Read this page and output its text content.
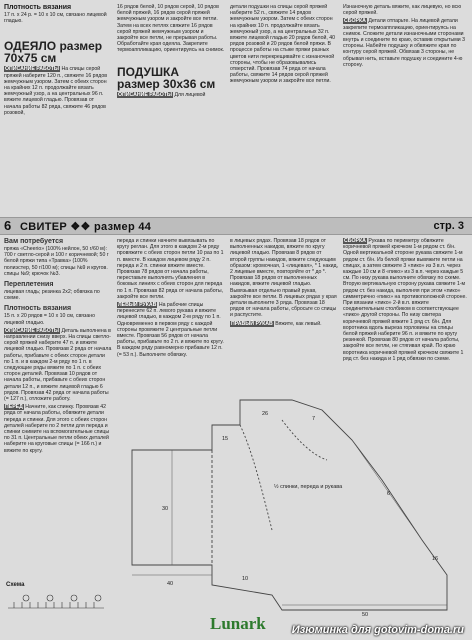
Плотность вязания
17 п. х 24 р. = 10 х 10 см, связано лицевой гладью.
ОДЕЯЛО размер 70х75 см
ОПИСАНИЕ РАБОТЫ На спицы серой пряжей наберите 120 п., свяжите 16 рядов жемчужным узором. Затем с обеих сторон на крайних 12 п. продолжайте вязать жемчужный узор, а на центральных 96 п. вяжите лицевой гладью. Провязав от начала работы 82 ряда, свяжите 46 рядов розовой,
16 рядов белой, 10 рядов серой, 10 рядов белой пряжей, 16 рядов серой пряжей жемчужным узором и закройте все петли. Затем на всех петлях свяжите 16 рядов серой пряжей жемчужным узором и закройте все петли, не прерывая работы. Обработайте края одеяла. Закрепите термоаппликацию, ориентируясь на снимок.
ПОДУШКА размер 30х36 см
ОПИСАНИЕ РАБОТЫ Для лицевой
детали подушки на спицы серой пряжей наберите 52 п., свяжите 14 рядов жемчужным узором. Затем с обеих сторон на крайних 10 п. продолжайте вязать жемчужный узор, а на центральных 32 п. вяжите лицевой гладью 20 рядов белой, 40 рядов розовой и 20 рядов белой пряжи. В процессе работы на стыке пряжи разных цветов нити перекрещивайте с изнаночной стороны, чтобы не образовывались отверстий. Провязав 74 ряда от начала работы, свяжите 14 рядов серой пряжей жемчужным узором и закройте все петли.
Изнаночную деталь вяжите, как лицевую, но всю серой пряжей.
СБОРКА Детали отпарьте. На лицевой детали закрепите термоаппликацию, ориентируясь на снимок. Сложите детали изнаночными сторонами внутрь и соедините по краю, оставив открытыми 3 стороны. Набейте подушку и обвяжите края по контуру серой пряжей. Обвязав 3 стороны, не обрывая нить, вставьте подушку и соедините 4-ю сторону.
6 СВИТЕР ❖❖ размер 44	стр. 3
Вам потребуется
пряжа «Cheerio» (100% нейлон, 50 г/60 м): 700 г светло-серой и 100 г коричневой; 50 г белой пряжи типа «Травка» (100% полиэстер, 50 г/100 м); спицы №9 и кругов. спицы №9; крючок №3.
Переплетения
лицевая гладь; резинка 2х2; обвязка по схеме.
Плотность вязания
15 п. х 20 рядов = 10 х 10 см, связано лицевой гладью.
ОПИСАНИЕ РАБОТЫ Деталь выполнена в направлении снизу вверх. На спицы светло-серой пряжей наберите 47 п. и вяжите лицевой гладью. Провязав 2 ряда от начала работы, прибавьте с обеих сторон детали по 1 п. и в каждом 2-м ряду по 1 п. в следующие ряды вяжите по 1 п. с обеих сторон деталей. Провязав 10 рядов от начала работы, прибавьте с обеих сторон детали 12 п., и вяжите лицевой гладью 6 рядов. Провязав 42 ряда от начала работы (= 127 п.), отложите работу.
ПЕРЕД Начните, как спинку. Провязав 42 ряда от начала работы, обвяжите детали переда и спинки. Для этого с обеих сторон деталей наберите по 2 петли для переда и спинки снимите на вспомогательные спицы по 31 п. Центральные петли обеих деталей наберите на круговые спицы (= 166 п.) и вяжите по кругу.
переда и спинки начните вывязывать по кругу реглан. Для этого в каждом 2-м ряду провяжите с обеих сторон петли 10 раз по 1 п. вместе. В каждом лицевом ряду 2 п. переда и 2 п. спинки вяжите вместе. Провязав 78 рядов от начала работы, переставьте выполнять убавления в боковых линиях с обеих сторон для переда по 1 п. Провязав 82 ряда от начала работы, закройте все петли.
ЛЕВЫЙ РУКАВ На рабочие спицы перенесите 62 п. левого рукава и вяжите лицевой гладью, в каждом 2-м ряду по 1 п. Одновременно в первом ряду с каждой стороны провяжите 2 центральные петли вместе. Провязав 56 рядов от начала работы, прибавьте по 2 п. и вяжите по кругу. В каждом ряду равномерно прибавьте 12 п. (= 53 п.). Выполните обвязку.
в лицевых рядах. Провязав 18 рядов от выполненных накидов, вяжите по кругу лицевой гладью. Провязав 8 рядов от второй группы накидов, вяжите следующим образом: кромочная, 1 «лицевая», * 1 накид, 2 лицевые вместе, повторяйте от * до *. Провязав 18 рядов от выполненных накидов, вяжите лицевой гладью. Вывязывая отдельно правый рукав, закройте все петли. В лицевых рядах у края детали выполните 3 ряда. Провязав 18 рядов от начала работы, сбросьте со спицы и распустите.
ПРАВЫЙ РУКАВ Вяжите, как левый.
СБОРКА Рукава по периметру обвяжите коричневой пряжей крючком 1-м рядом ст. б/н. Одной вертикальной стороне рукава свяжите 1-м рядом ст. б/н. Из белой пряжи вывяжите петли на спицах, а затем свяжите 3 «пико» из 3 в.п. через каждые 10 см и 8 «пико» из 3 в.п. через каждые 5 см. По низу рукава выполните обвязку по схеме. Вторую вертикальную сторону рукава свяжите 1-м рядом ст. без накида, выполняя при этом «пико» симметрично «пико» на противоположной стороне. При вязании «пико» 2-й в.п. вяжите соединительным столбиком в соответствующее «пико» другой стороны. По низу свитера коричневой пряжей вяжите 1 ряд ст. б/н. Для воротника вдоль выреза горловины на спицы белой пряжей наберите 96 п. и вяжите по кругу резинкой. Провязав 80 рядов от начала работы, закройте все петли, не стягивая край. По краю воротника коричневой пряжей крючком свяжите 1 ряд ст. без накида и 1 ряд обвязки по схеме.
½ спинки, переда и рукава
30
15
26
7
40
50
6
16
10
Схема
Lunark Изюминка для gotovim-doma.ru
